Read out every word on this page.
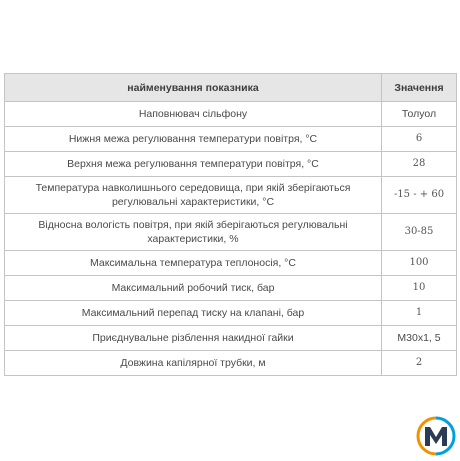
найменування показника	Значення
Наповнювач сільфону	Толуол
Нижня межа регулювання температури повітря, °С	6
Верхня межа регулювання температури повітря, °С	28
Температура навколишнього середовища, при якій зберігаються регулювальні характеристики, °С	-15 - + 60
Відносна вологість повітря, при якій зберігаються регулювальні характеристики, %	30-85
Максимальна температура теплоносія, °С	100
Максимальний робочий тиск, бар	10
Максимальний перепад тиску на клапані, бар	1
Приєднувальне різблення накидної гайки	М30х1, 5
Довжина капілярної трубки, м	2
